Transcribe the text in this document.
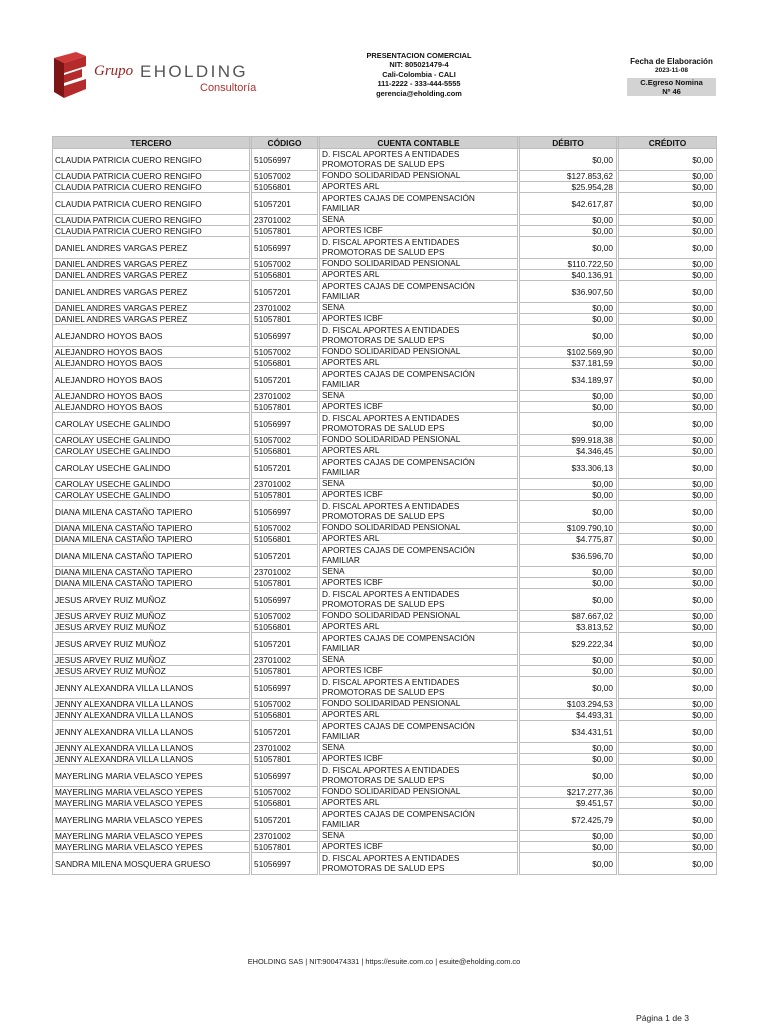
Grupo EHOLDING
Consultoría
PRESENTACION COMERCIAL
NIT: 805021479-4
Cali-Colombia - CALI
111-2222 - 333-444-5555
gerencia@eholding.com
Fecha de Elaboración
2023-11-08
C.Egreso Nomina
Nº 46
TERCERO		CÓDIGO		CUENTA CONTABLE		DÉBITO		CRÉDITO
CLAUDIA PATRICIA CUERO RENGIFO		51056997		D. FISCAL APORTES A ENTIDADES PROMOTORAS DE SALUD EPS		$0,00		$0,00
CLAUDIA PATRICIA CUERO RENGIFO		51057002		FONDO SOLIDARIDAD PENSIONAL		$127.853,62		$0,00
CLAUDIA PATRICIA CUERO RENGIFO		51056801		APORTES ARL		$25.954,28		$0,00
CLAUDIA PATRICIA CUERO RENGIFO		51057201		APORTES CAJAS DE COMPENSACIÓN FAMILIAR		$42.617,87		$0,00
CLAUDIA PATRICIA CUERO RENGIFO		23701002		SENA		$0,00		$0,00
CLAUDIA PATRICIA CUERO RENGIFO		51057801		APORTES ICBF		$0,00		$0,00
DANIEL ANDRES VARGAS PEREZ		51056997		D. FISCAL APORTES A ENTIDADES PROMOTORAS DE SALUD EPS		$0,00		$0,00
DANIEL ANDRES VARGAS PEREZ		51057002		FONDO SOLIDARIDAD PENSIONAL		$110.722,50		$0,00
DANIEL ANDRES VARGAS PEREZ		51056801		APORTES ARL		$40.136,91		$0,00
DANIEL ANDRES VARGAS PEREZ		51057201		APORTES CAJAS DE COMPENSACIÓN FAMILIAR		$36.907,50		$0,00
DANIEL ANDRES VARGAS PEREZ		23701002		SENA		$0,00		$0,00
DANIEL ANDRES VARGAS PEREZ		51057801		APORTES ICBF		$0,00		$0,00
ALEJANDRO HOYOS BAOS		51056997		D. FISCAL APORTES A ENTIDADES PROMOTORAS DE SALUD EPS		$0,00		$0,00
ALEJANDRO HOYOS BAOS		51057002		FONDO SOLIDARIDAD PENSIONAL		$102.569,90		$0,00
ALEJANDRO HOYOS BAOS		51056801		APORTES ARL		$37.181,59		$0,00
ALEJANDRO HOYOS BAOS		51057201		APORTES CAJAS DE COMPENSACIÓN FAMILIAR		$34.189,97		$0,00
ALEJANDRO HOYOS BAOS		23701002		SENA		$0,00		$0,00
ALEJANDRO HOYOS BAOS		51057801		APORTES ICBF		$0,00		$0,00
CAROLAY USECHE GALINDO		51056997		D. FISCAL APORTES A ENTIDADES PROMOTORAS DE SALUD EPS		$0,00		$0,00
CAROLAY USECHE GALINDO		51057002		FONDO SOLIDARIDAD PENSIONAL		$99.918,38		$0,00
CAROLAY USECHE GALINDO		51056801		APORTES ARL		$4.346,45		$0,00
CAROLAY USECHE GALINDO		51057201		APORTES CAJAS DE COMPENSACIÓN FAMILIAR		$33.306,13		$0,00
CAROLAY USECHE GALINDO		23701002		SENA		$0,00		$0,00
CAROLAY USECHE GALINDO		51057801		APORTES ICBF		$0,00		$0,00
DIANA MILENA CASTAÑO TAPIERO		51056997		D. FISCAL APORTES A ENTIDADES PROMOTORAS DE SALUD EPS		$0,00		$0,00
DIANA MILENA CASTAÑO TAPIERO		51057002		FONDO SOLIDARIDAD PENSIONAL		$109.790,10		$0,00
DIANA MILENA CASTAÑO TAPIERO		51056801		APORTES ARL		$4.775,87		$0,00
DIANA MILENA CASTAÑO TAPIERO		51057201		APORTES CAJAS DE COMPENSACIÓN FAMILIAR		$36.596,70		$0,00
DIANA MILENA CASTAÑO TAPIERO		23701002		SENA		$0,00		$0,00
DIANA MILENA CASTAÑO TAPIERO		51057801		APORTES ICBF		$0,00		$0,00
JESUS ARVEY RUIZ MUÑOZ		51056997		D. FISCAL APORTES A ENTIDADES PROMOTORAS DE SALUD EPS		$0,00		$0,00
JESUS ARVEY RUIZ MUÑOZ		51057002		FONDO SOLIDARIDAD PENSIONAL		$87.667,02		$0,00
JESUS ARVEY RUIZ MUÑOZ		51056801		APORTES ARL		$3.813,52		$0,00
JESUS ARVEY RUIZ MUÑOZ		51057201		APORTES CAJAS DE COMPENSACIÓN FAMILIAR		$29.222,34		$0,00
JESUS ARVEY RUIZ MUÑOZ		23701002		SENA		$0,00		$0,00
JESUS ARVEY RUIZ MUÑOZ		51057801		APORTES ICBF		$0,00		$0,00
JENNY ALEXANDRA VILLA LLANOS		51056997		D. FISCAL APORTES A ENTIDADES PROMOTORAS DE SALUD EPS		$0,00		$0,00
JENNY ALEXANDRA VILLA LLANOS		51057002		FONDO SOLIDARIDAD PENSIONAL		$103.294,53		$0,00
JENNY ALEXANDRA VILLA LLANOS		51056801		APORTES ARL		$4.493,31		$0,00
JENNY ALEXANDRA VILLA LLANOS		51057201		APORTES CAJAS DE COMPENSACIÓN FAMILIAR		$34.431,51		$0,00
JENNY ALEXANDRA VILLA LLANOS		23701002		SENA		$0,00		$0,00
JENNY ALEXANDRA VILLA LLANOS		51057801		APORTES ICBF		$0,00		$0,00
MAYERLING MARIA VELASCO YEPES		51056997		D. FISCAL APORTES A ENTIDADES PROMOTORAS DE SALUD EPS		$0,00		$0,00
MAYERLING MARIA VELASCO YEPES		51057002		FONDO SOLIDARIDAD PENSIONAL		$217.277,36		$0,00
MAYERLING MARIA VELASCO YEPES		51056801		APORTES ARL		$9.451,57		$0,00
MAYERLING MARIA VELASCO YEPES		51057201		APORTES CAJAS DE COMPENSACIÓN FAMILIAR		$72.425,79		$0,00
MAYERLING MARIA VELASCO YEPES		23701002		SENA		$0,00		$0,00
MAYERLING MARIA VELASCO YEPES		51057801		APORTES ICBF		$0,00		$0,00
SANDRA MILENA MOSQUERA GRUESO		51056997		D. FISCAL APORTES A ENTIDADES PROMOTORAS DE SALUD EPS		$0,00		$0,00
EHOLDING SAS | NIT:900474331 | https://esuite.com.co | esuite@eholding.com.co
Página 1 de 3
